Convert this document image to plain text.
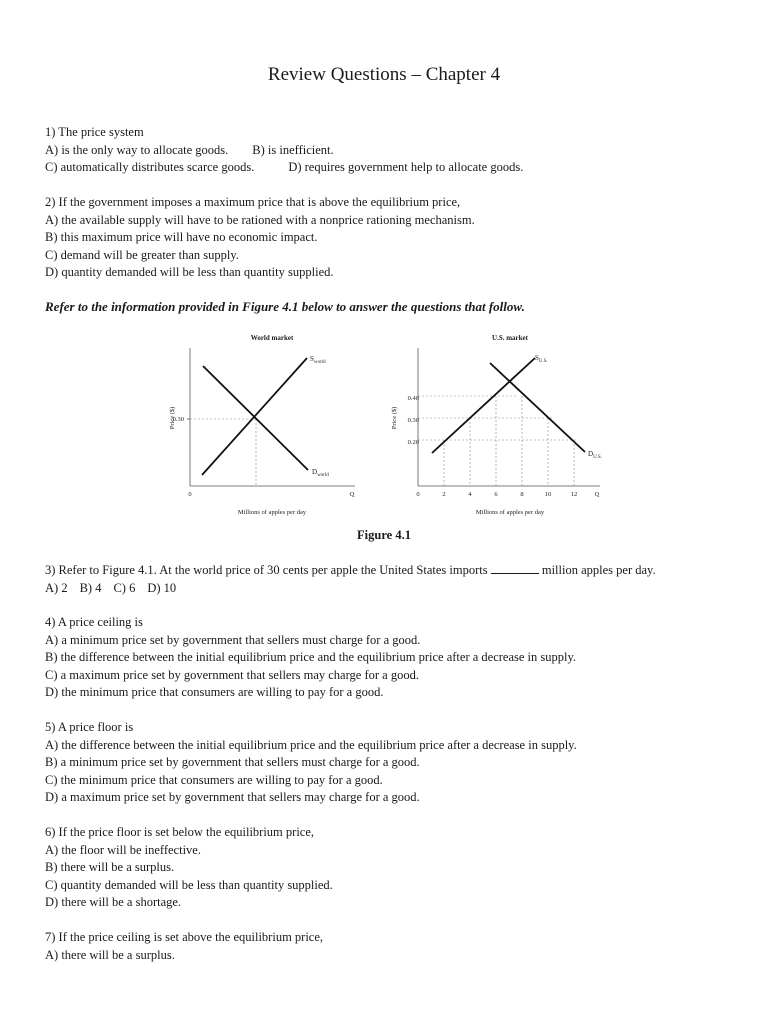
Review Questions – Chapter 4
1) The price system
A) is the only way to allocate goods. B) is inefficient.
C) automatically distributes scarce goods.	D) requires government help to allocate goods.
2) If the government imposes a maximum price that is above the equilibrium price,
A) the available supply will have to be rationed with a nonprice rationing mechanism.
B) this maximum price will have no economic impact.
C) demand will be greater than supply.
D) quantity demanded will be less than quantity supplied.
Refer to the information provided in Figure 4.1 below to answer the questions that follow.
World market
Price ($)
0.30
0	Q
Millions of apples per day
$S_{world}$
$D_{world}$
U.S. market
Price ($)
0.40
0.30
0.20
0	2	4	6	8	10	12	Q
Millions of apples per day
$S_{U.S.}$
$D_{U.S.}$
Figure 4.1
3) Refer to Figure 4.1. At the world price of 30 cents per apple the United States imports	million apples per day.
A) 2 B) 4 C) 6 D) 10
4) A price ceiling is
A) a minimum price set by government that sellers must charge for a good.
B) the difference between the initial equilibrium price and the equilibrium price after a decrease in supply.
C) a maximum price set by government that sellers may charge for a good.
D) the minimum price that consumers are willing to pay for a good.
5) A price floor is
A) the difference between the initial equilibrium price and the equilibrium price after a decrease in supply.
B) a minimum price set by government that sellers must charge for a good.
C) the minimum price that consumers are willing to pay for a good.
D) a maximum price set by government that sellers may charge for a good.
6) If the price floor is set below the equilibrium price,
A) the floor will be ineffective.
B) there will be a surplus.
C) quantity demanded will be less than quantity supplied.
D) there will be a shortage.
7) If the price ceiling is set above the equilibrium price,
A) there will be a surplus.
